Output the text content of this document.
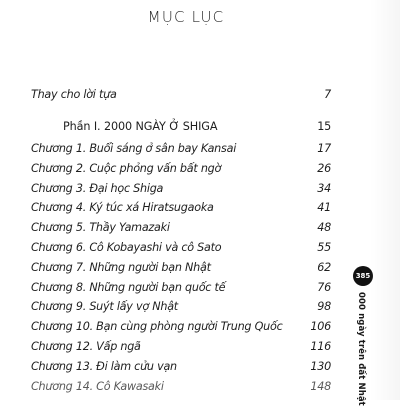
MỤC LỤC
Thay cho lời tựa	7
Phần I. 2000 NGÀY Ở SHIGA	15
Chương 1. Buổi sáng ở sân bay Kansai	17
Chương 2. Cuộc phỏng vấn bất ngờ	26
Chương 3. Đại học Shiga	34
Chương 4. Ký túc xá Hiratsugaoka	41
Chương 5. Thầy Yamazaki	48
Chương 6. Cô Kobayashi và cô Sato	55
Chương 7. Những người bạn Nhật	62
Chương 8. Những người bạn quốc tế	76
Chương 9. Suýt lấy vợ Nhật	98
Chương 10. Bạn cùng phòng người Trung Quốc 106
Chương 12. Vấp ngã	116
Chương 13. Đi làm cửu vạn	130
Chương 14. Cô Kawasaki	148
385
000 ngày trên đất Nhật
